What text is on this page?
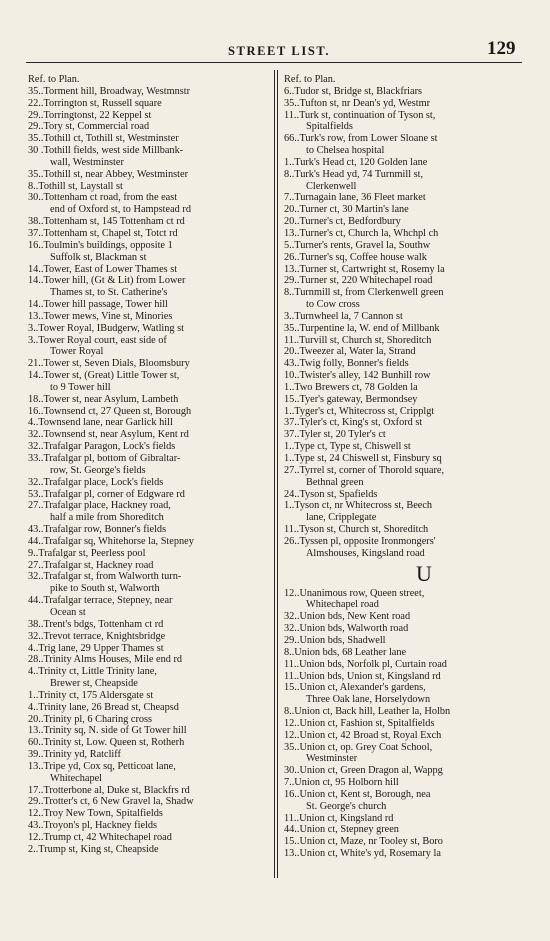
STREET LIST.	129
Ref. to Plan.
35..Torment hill, Broadway, Westmnstr
22..Torrington st, Russell square
29..Torringtonst, 22 Keppel st
29..Tory st, Commercial road
35..Tothill ct, Tothill st, Westminster
30 .Tothill fields, west side Millbank-
wall, Westminster
35..Tothill st, near Abbey, Westminster
8..Tothill st, Laystall st
30..Tottenham ct road, from the east
end of Oxford st, to Hampstead rd
38..Tottenham st, 145 Tottenham ct rd
37..Tottenham st, Chapel st, Totct rd
16..Toulmin's buildings, opposite 1
Suffolk st, Blackman st
14..Tower, East of Lower Thames st
14..Tower hill, (Gt & Lit) from Lower
Thames st, to St. Catherine's
14..Tower hill passage, Tower hill
13..Tower mews, Vine st, Minories
3..Tower Royal, IBudgerw, Watling st
3..Tower Royal court, east side of
Tower Royal
21..Tower st, Seven Dials, Bloomsbury
14..Tower st, (Great) Little Tower st,
to 9 Tower hill
18..Tower st, near Asylum, Lambeth
16..Townsend ct, 27 Queen st, Borough
4..Townsend lane, near Garlick hill
32..Townsend st, near Asylum, Kent rd
32..Trafalgar Paragon, Lock's fields
33..Trafalgar pl, bottom of Gibraltar-
row, St. George's fields
32..Trafalgar place, Lock's fields
53..Trafalgar pl, corner of Edgware rd
27..Trafalgar place, Hackney road,
half a mile from Shoreditch
43..Trafalgar row, Bonner's fields
44..Trafalgar sq, Whitehorse la, Stepney
9..Trafalgar st, Peerless pool
27..Trafalgar st, Hackney road
32..Trafalgar st, from Walworth turn-
pike to South st, Walworth
44..Trafalgar terrace, Stepney, near
Ocean st
38..Trent's bdgs, Tottenham ct rd
32..Trevot terrace, Knightsbridge
4..Trig lane, 29 Upper Thames st
28..Trinity Alms Houses, Mile end rd
4..Trinity ct, Little Trinity lane,
Brewer st, Cheapside
1..Trinity ct, 175 Aldersgate st
4..Trinity lane, 26 Bread st, Cheapsd
20..Trinity pl, 6 Charing cross
13..Trinity sq, N. side of Gt Tower hill
60..Trinity st, Low. Queen st, Rotherh
39..Trinity yd, Ratcliff
13..Tripe yd, Cox sq, Petticoat lane,
Whitechapel
17..Trotterbone al, Duke st, Blackfrs rd
29..Trotter's ct, 6 New Gravel la, Shadw
12..Troy New Town, Spitalfields
43..Troyon's pl, Hackney fields
12..Trump ct, 42 Whitechapel road
2..Trump st, King st, Cheapside
Ref. to Plan.
6..Tudor st, Bridge st, Blackfriars
35..Tufton st, nr Dean's yd, Westmr
11..Turk st, continuation of Tyson st,
Spitalfields
66..Turk's row, from Lower Sloane st
to Chelsea hospital
1..Turk's Head ct, 120 Golden lane
8..Turk's Head yd, 74 Turnmill st,
Clerkenwell
7..Turnagain lane, 36 Fleet market
20..Turner ct, 30 Martin's lane
20..Turner's ct, Bedfordbury
13..Turner's ct, Church la, Whchpl ch
5..Turner's rents, Gravel la, Southw
26..Turner's sq, Coffee house walk
13..Turner st, Cartwright st, Rosemy la
29..Turner st, 220 Whitechapel road
8..Turnmill st, from Clerkenwell green
to Cow cross
3..Turnwheel la, 7 Cannon st
35..Turpentine la, W. end of Millbank
11..Turvill st, Church st, Shoreditch
20..Tweezer al, Water la, Strand
43..Twig folly, Bonner's fields
10..Twister's alley, 142 Bunhill row
1..Two Brewers ct, 78 Golden la
15..Tyer's gateway, Bermondsey
1..Tyger's ct, Whitecross st, Cripplgt
37..Tyler's ct, King's st, Oxford st
37..Tyler st, 20 Tyler's ct
1..Type ct, Type st, Chiswell st
1..Type st, 24 Chiswell st, Finsbury sq
27..Tyrrel st, corner of Thorold square,
Bethnal green
24..Tyson st, Spafields
1..Tyson ct, nr Whitecross st, Beech
lane, Cripplegate
11..Tyson st, Church st, Shoreditch
26..Tyssen pl, opposite Ironmongers'
Almshouses, Kingsland road
U
12..Unanimous row, Queen street,
Whitechapel road
32..Union bds, New Kent road
32..Union bds, Walworth road
29..Union bds, Shadwell
8..Union bds, 68 Leather lane
11..Union bds, Norfolk pl, Curtain road
11..Union bds, Union st, Kingsland rd
15..Union ct, Alexander's gardens,
Three Oak lane, Horselydown
8..Union ct, Back hill, Leather la, Holbn
12..Union ct, Fashion st, Spitalfields
12..Union ct, 42 Broad st, Royal Exch
35..Union ct, op. Grey Coat School,
Westminster
30..Union ct, Green Dragon al, Wappg
7..Union ct, 95 Holborn hill
16..Union ct, Kent st, Borough, nea
St. George's church
11..Union ct, Kingsland rd
44..Union ct, Stepney green
15..Union ct, Maze, nr Tooley st, Boro
13..Union ct, White's yd, Rosemary la
